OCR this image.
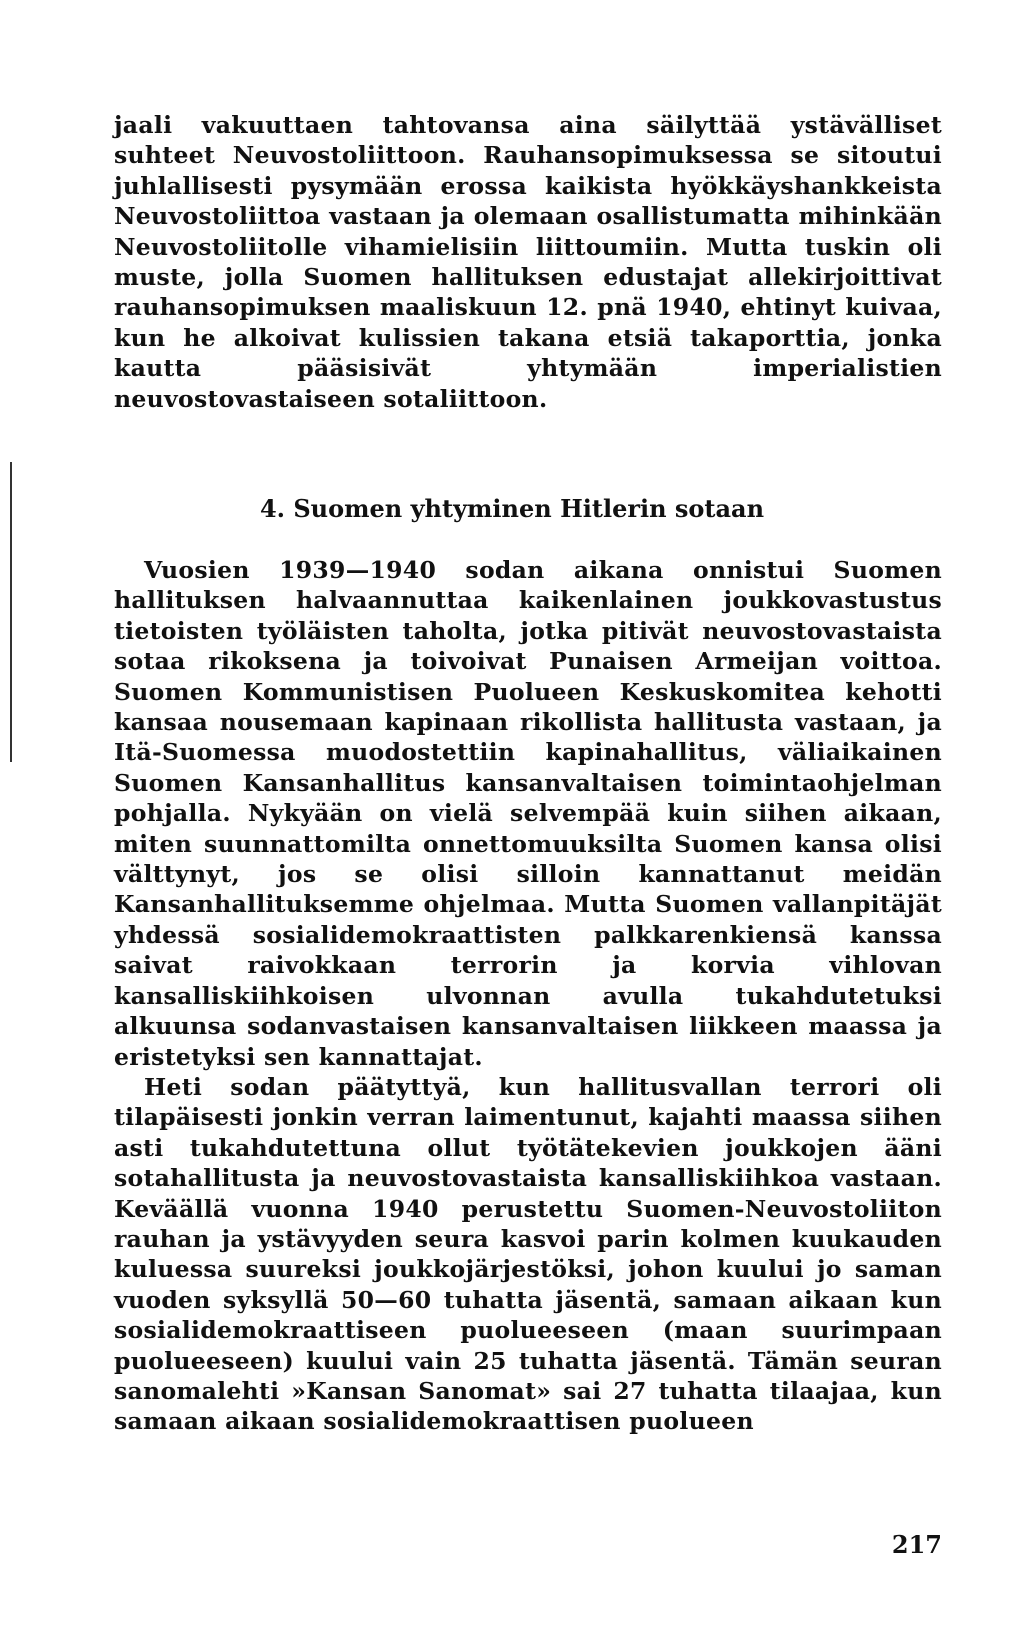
jaali vakuuttaen tahtovansa aina säilyttää ystävälliset suhteet Neuvostoliittoon. Rauhansopimuksessa se sitoutui juhlallisesti pysymään erossa kaikista hyökkäyshankkeista Neuvostoliittoa vastaan ja olemaan osallistumatta mihinkään Neuvostoliitolle vihamielisiin liittoumiin. Mutta tuskin oli muste, jolla Suomen hallituksen edustajat allekirjoittivat rauhansopimuksen maaliskuun 12. pnä 1940, ehtinyt kuivaa, kun he alkoivat kulissien takana etsiä takaporttia, jonka kautta pääsisivät yhtymään imperialistien neuvostovastaiseen sotaliittoon.

4. Suomen yhtyminen Hitlerin sotaan

Vuosien 1939—1940 sodan aikana onnistui Suomen hallituksen halvaannuttaa kaikenlainen joukkovastustus tietoisten työläisten taholta, jotka pitivät neuvostovastaista sotaa rikoksena ja toivoivat Punaisen Armeijan voittoa. Suomen Kommunistisen Puolueen Keskuskomitea kehotti kansaa nousemaan kapinaan rikollista hallitusta vastaan, ja Itä-Suomessa muodostettiin kapinahallitus, väliaikainen Suomen Kansanhallitus kansanvaltaisen toimintaohjelman pohjalla. Nykyään on vielä selvempää kuin siihen aikaan, miten suunnattomilta onnettomuuksilta Suomen kansa olisi välttynyt, jos se olisi silloin kannattanut meidän Kansanhallituksemme ohjelmaa. Mutta Suomen vallanpitäjät yhdessä sosialidemokraattisten palkkarenkiensä kanssa saivat raivokkaan terrorin ja korvia vihlovan kansalliskiihkoisen ulvonnan avulla tukahdutetuksi alkuunsa sodanvastaisen kansanvaltaisen liikkeen maassa ja eristetyksi sen kannattajat.

Heti sodan päätyttyä, kun hallitusvallan terrori oli tilapäisesti jonkin verran laimentunut, kajahti maassa siihen asti tukahdutettuna ollut työtätekevien joukkojen ääni sotahallitusta ja neuvostovastaista kansalliskiihkoa vastaan. Keväällä vuonna 1940 perustettu Suomen-Neuvostoliiton rauhan ja ystävyyden seura kasvoi parin kolmen kuukauden kuluessa suureksi joukkojärjestöksi, johon kuului jo saman vuoden syksyllä 50—60 tuhatta jäsentä, samaan aikaan kun sosialidemokraattiseen puolueeseen (maan suurimpaan puolueeseen) kuului vain 25 tuhatta jäsentä. Tämän seuran sanomalehti »Kansan Sanomat» sai 27 tuhatta tilaajaa, kun samaan aikaan sosialidemokraattisen puolueen

217
